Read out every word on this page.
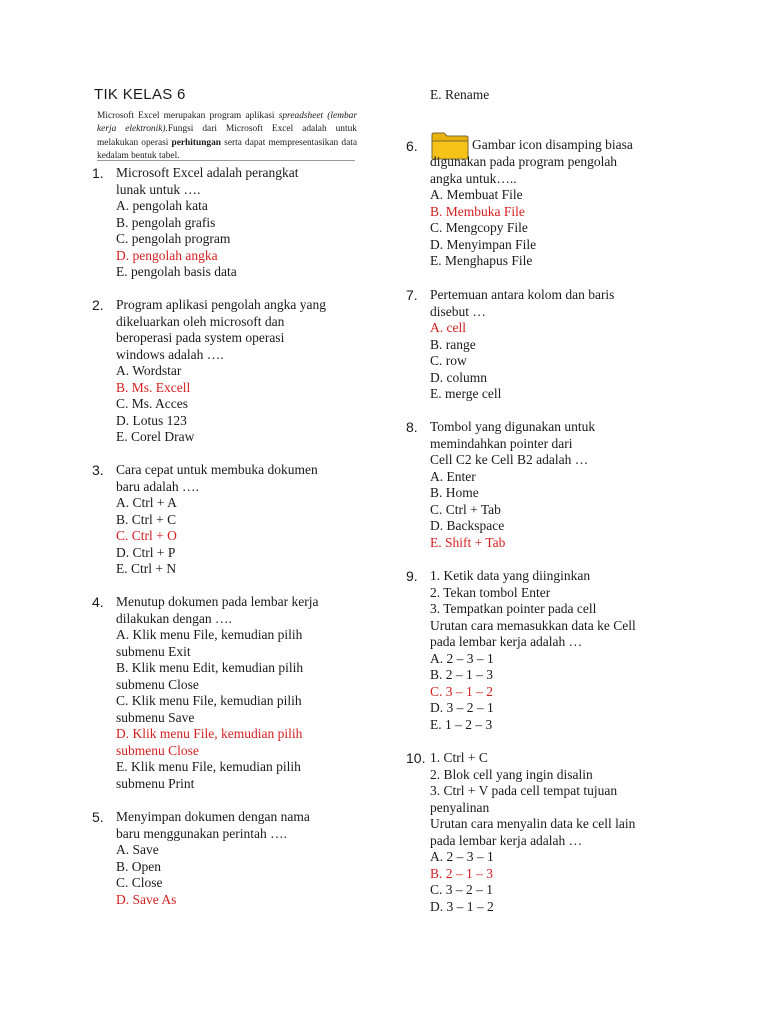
TIK KELAS 6
Microsoft Excel merupakan program aplikasi spreadsheet (lembar kerja elektronik).Fungsi dari Microsoft Excel adalah untuk melakukan operasi perhitungan serta dapat mempresentasikan data kedalam bentuk tabel.
1. Microsoft Excel adalah perangkat
lunak untuk ….
A. pengolah kata
B. pengolah grafis
C. pengolah program
D. pengolah angka
E. pengolah basis data
2. Program aplikasi pengolah angka yang
dikeluarkan oleh microsoft dan
beroperasi pada system operasi
windows adalah ….
A. Wordstar
B. Ms. Excell
C. Ms. Acces
D. Lotus 123
E. Corel Draw
3. Cara cepat untuk membuka dokumen
baru adalah ….
A. Ctrl + A
B. Ctrl + C
C. Ctrl + O
D. Ctrl + P
E. Ctrl + N
4. Menutup dokumen pada lembar kerja
dilakukan dengan ….
A. Klik menu File, kemudian pilih
submenu Exit
B. Klik menu Edit, kemudian pilih
submenu Close
C. Klik menu File, kemudian pilih
submenu Save
D. Klik menu File, kemudian pilih
submenu Close
E. Klik menu File, kemudian pilih
submenu Print
5. Menyimpan dokumen dengan nama
baru menggunakan perintah ….
A. Save
B. Open
C. Close
D. Save As
E. Rename
6.	Gambar icon disamping biasa
digunakan pada program pengolah
angka untuk…..
A. Membuat File
B. Membuka File
C. Mengcopy File
D. Menyimpan File
E. Menghapus File
7. Pertemuan antara kolom dan baris
disebut …
A. cell
B. range
C. row
D. column
E. merge cell
8. Tombol yang digunakan untuk
memindahkan pointer dari
Cell C2 ke Cell B2 adalah …
A. Enter
B. Home
C. Ctrl + Tab
D. Backspace
E. Shift + Tab
9. 1. Ketik data yang diinginkan
2. Tekan tombol Enter
3. Tempatkan pointer pada cell
Urutan cara memasukkan data ke Cell
pada lembar kerja adalah …
A. 2 – 3 – 1
B. 2 – 1 – 3
C. 3 – 1 – 2
D. 3 – 2 – 1
E. 1 – 2 – 3
10. 1. Ctrl + C
2. Blok cell yang ingin disalin
3. Ctrl + V pada cell tempat tujuan
penyalinan
Urutan cara menyalin data ke cell lain
pada lembar kerja adalah …
A. 2 – 3 – 1
B. 2 – 1 – 3
C. 3 – 2 – 1
D. 3 – 1 – 2
